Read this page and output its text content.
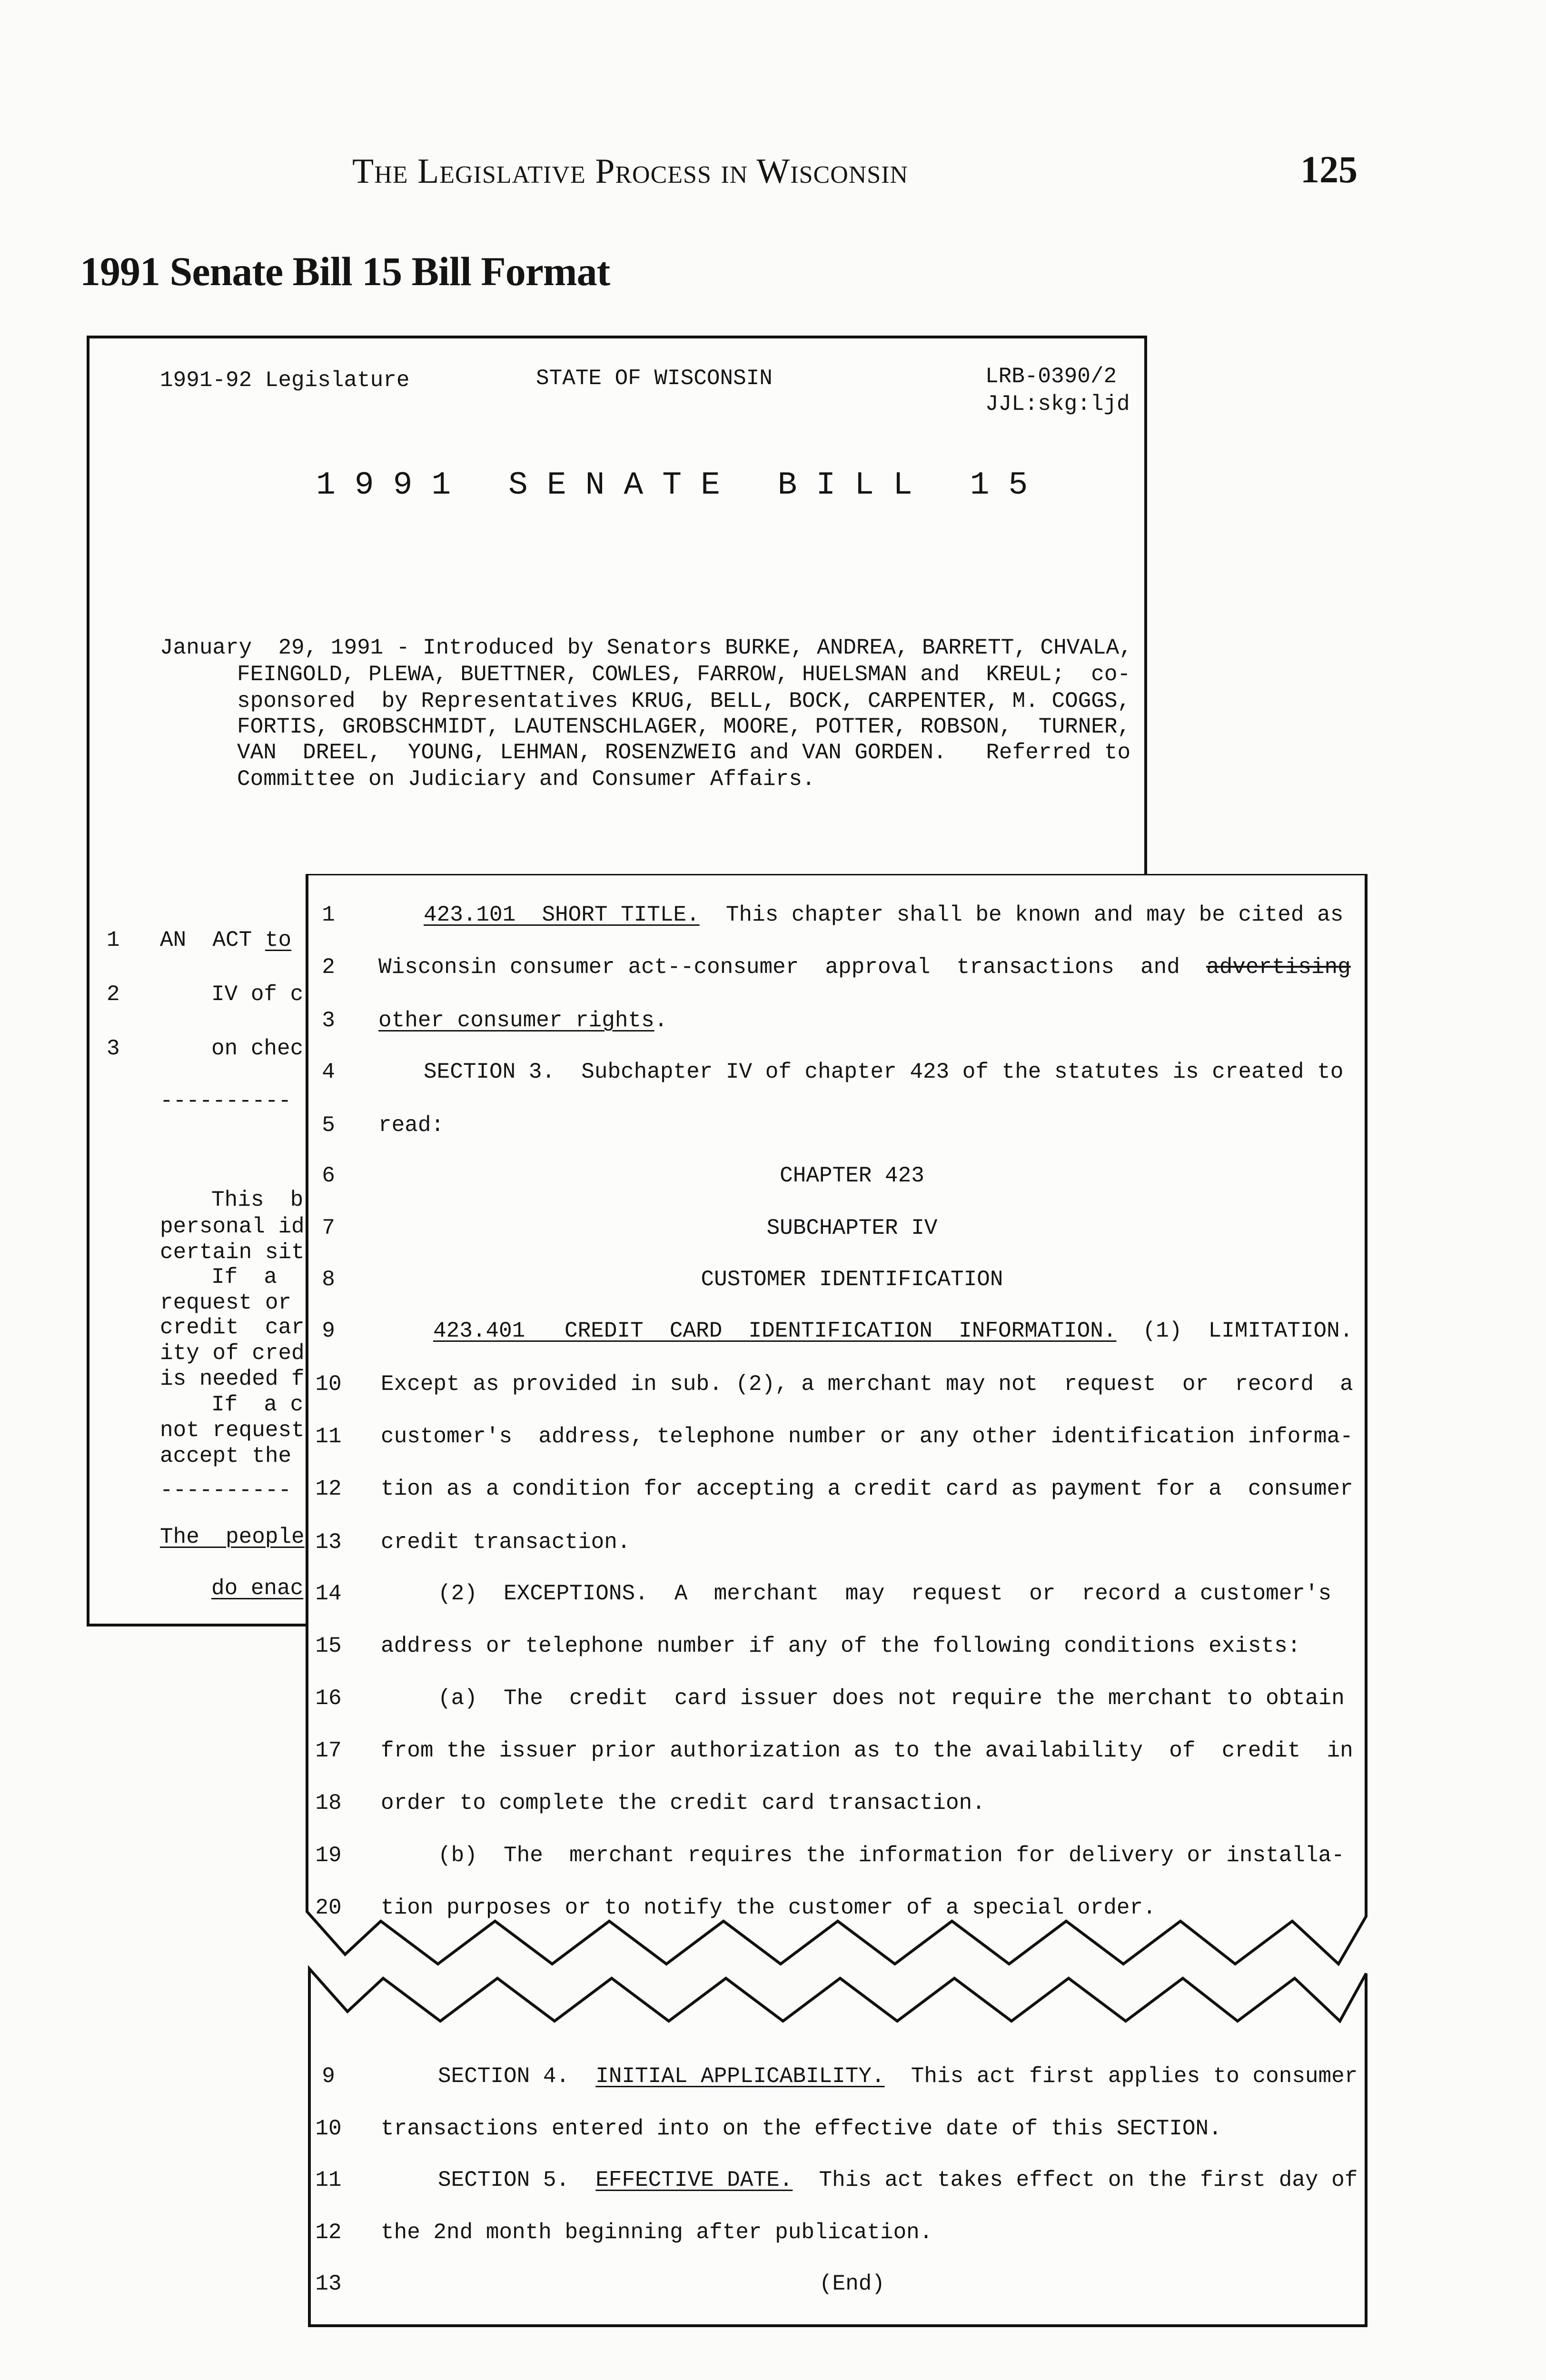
The Legislative Process in Wisconsin	125
1991 Senate Bill 15 Bill Format
1991-92 Legislature	STATE OF WISCONSIN	LRB-0390/2
JJL:skg:ljd
1991 SENATE BILL 15
January  29, 1991 - Introduced by Senators BURKE, ANDREA, BARRETT, CHVALA,
FEINGOLD, PLEWA, BUETTNER, COWLES, FARROW, HUELSMAN and  KREUL;  co-
sponsored  by Representatives KRUG, BELL, BOCK, CARPENTER, M. COGGS,
FORTIS, GROBSCHMIDT, LAUTENSCHLAGER, MOORE, POTTER, ROBSON,  TURNER,
VAN  DREEL,  YOUNG, LEHMAN, ROSENZWEIG and VAN GORDEN.   Referred to
Committee on Judiciary and Consumer Affairs.
1
2
3
AN  ACT to
IV of c
on chec
----------
This  b
personal id
certain sit
If  a
request or
credit  car
ity of cred
is needed f
If  a c
not request
accept the
----------
The  people
do enac
1	423.101  SHORT TITLE.  This chapter shall be known and may be cited as
2	Wisconsin consumer act--consumer  approval  transactions  and  advertising
3	other consumer rights.
4	SECTION 3.  Subchapter IV of chapter 423 of the statutes is created to
5	read:
6	CHAPTER 423
7	SUBCHAPTER IV
8	CUSTOMER IDENTIFICATION
9	423.401   CREDIT  CARD  IDENTIFICATION  INFORMATION.  (1)  LIMITATION.
10 Except as provided in sub. (2), a merchant may not  request  or  record  a
11 customer's  address, telephone number or any other identification informa-
12 tion as a condition for accepting a credit card as payment for a  consumer
13 credit transaction.
14	(2)  EXCEPTIONS.  A  merchant  may  request  or  record a customer's
15 address or telephone number if any of the following conditions exists:
16	(a)  The  credit  card issuer does not require the merchant to obtain
17 from the issuer prior authorization as to the availability  of  credit  in
18 order to complete the credit card transaction.
19	(b)  The  merchant requires the information for delivery or installa-
20 tion purposes or to notify the customer of a special order.
9	SECTION 4.  INITIAL APPLICABILITY.  This act first applies to consumer
10 transactions entered into on the effective date of this SECTION.
11	SECTION 5.  EFFECTIVE DATE.  This act takes effect on the first day of
12 the 2nd month beginning after publication.
13	(End)
